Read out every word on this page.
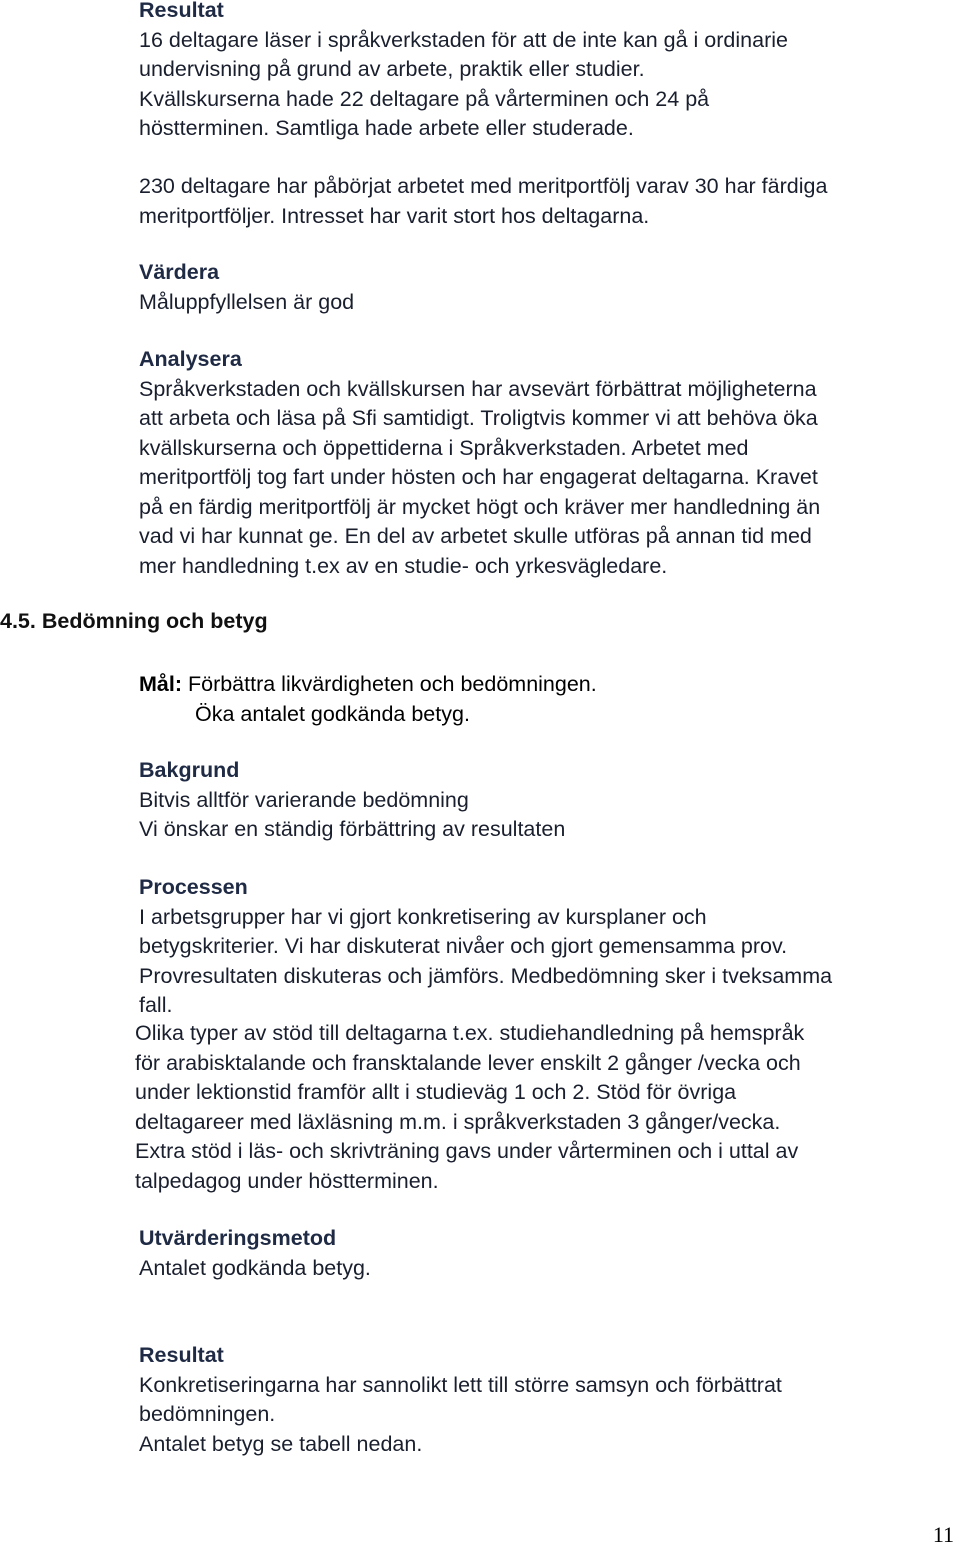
Resultat
16 deltagare läser i språkverkstaden för att de inte kan gå i ordinarie
undervisning på grund av arbete, praktik eller studier.
Kvällskurserna hade 22 deltagare på vårterminen och 24 på
höstterminen. Samtliga hade arbete eller studerade.
230 deltagare har påbörjat arbetet med meritportfölj varav 30 har färdiga
meritportföljer. Intresset har varit stort hos deltagarna.
Värdera
Måluppfyllelsen är god
Analysera
Språkverkstaden och kvällskursen har avsevärt förbättrat möjligheterna
att arbeta och läsa på Sfi samtidigt. Troligtvis kommer vi att behöva öka
kvällskurserna och öppettiderna i Språkverkstaden. Arbetet med
meritportfölj tog fart under hösten och har engagerat deltagarna. Kravet
på en färdig meritportfölj är mycket högt och kräver mer handledning än
vad vi har kunnat ge. En del av arbetet skulle utföras på annan tid med
mer handledning t.ex av en studie- och yrkesvägledare.
4.5. Bedömning och betyg
Mål: Förbättra likvärdigheten och bedömningen.
Öka antalet godkända betyg.
Bakgrund
Bitvis alltför varierande bedömning
Vi önskar en ständig förbättring av resultaten
Processen
I arbetsgrupper har vi gjort konkretisering av kursplaner och
betygskriterier. Vi har diskuterat nivåer och gjort gemensamma prov.
Provresultaten diskuteras och jämförs. Medbedömning sker i tveksamma
fall.
Olika typer av stöd till deltagarna t.ex. studiehandledning på hemspråk
för arabisktalande och fransktalande lever enskilt 2 gånger /vecka och
under lektionstid framför allt i studieväg 1 och 2. Stöd för övriga
deltagareer med läxläsning m.m. i språkverkstaden 3 gånger/vecka.
Extra stöd i läs- och skrivträning gavs under vårterminen och i uttal av
talpedagog under höstterminen.
Utvärderingsmetod
Antalet godkända betyg.
Resultat
Konkretiseringarna har sannolikt lett till större samsyn och förbättrat
bedömningen.
Antalet betyg se tabell nedan.
11
